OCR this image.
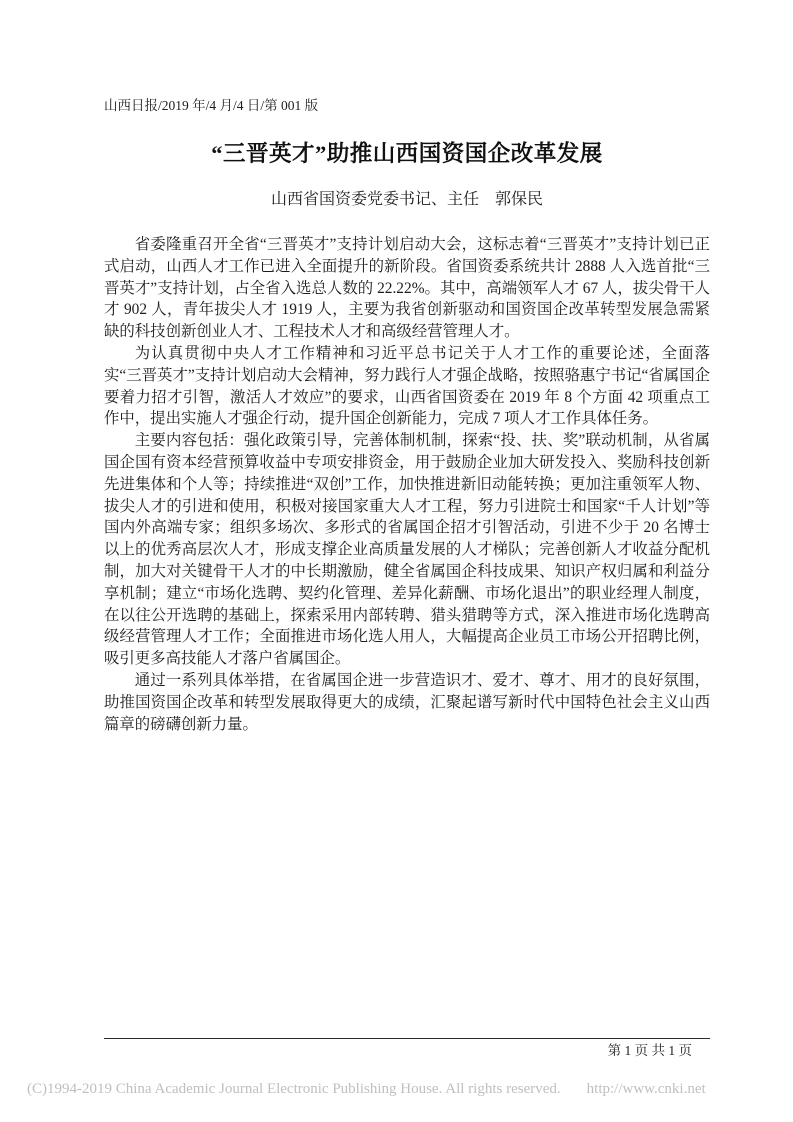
山西日报/2019 年/4 月/4 日/第 001 版
“三晋英才”助推山西国资国企改革发展
山西省国资委党委书记、主任　郭保民

省委隆重召开全省“三晋英才”支持计划启动大会，这标志着“三晋英才”支持计划已正式启动，山西人才工作已进入全面提升的新阶段。省国资委系统共计 2888 人入选首批“三晋英才”支持计划，占全省入选总人数的 22.22%。其中，高端领军人才 67 人，拔尖骨干人才 902 人，青年拔尖人才 1919 人，主要为我省创新驱动和国资国企改革转型发展急需紧缺的科技创新创业人才、工程技术人才和高级经营管理人才。

为认真贯彻中央人才工作精神和习近平总书记关于人才工作的重要论述，全面落实“三晋英才”支持计划启动大会精神，努力践行人才强企战略，按照骆惠宁书记“省属国企要着力招才引智，激活人才效应”的要求，山西省国资委在 2019 年 8 个方面 42 项重点工作中，提出实施人才强企行动，提升国企创新能力，完成 7 项人才工作具体任务。

主要内容包括：强化政策引导，完善体制机制，探索“投、扶、奖”联动机制，从省属国企国有资本经营预算收益中专项安排资金，用于鼓励企业加大研发投入、奖励科技创新先进集体和个人等；持续推进“双创”工作，加快推进新旧动能转换；更加注重领军人物、拔尖人才的引进和使用，积极对接国家重大人才工程，努力引进院士和国家“千人计划”等国内外高端专家；组织多场次、多形式的省属国企招才引智活动，引进不少于 20 名博士以上的优秀高层次人才，形成支撑企业高质量发展的人才梯队；完善创新人才收益分配机制，加大对关键骨干人才的中长期激励，健全省属国企科技成果、知识产权归属和利益分享机制；建立“市场化选聘、契约化管理、差异化薪酬、市场化退出”的职业经理人制度，在以往公开选聘的基础上，探索采用内部转聘、猎头猎聘等方式，深入推进市场化选聘高级经营管理人才工作；全面推进市场化选人用人，大幅提高企业员工市场公开招聘比例，吸引更多高技能人才落户省属国企。

通过一系列具体举措，在省属国企进一步营造识才、爱才、尊才、用才的良好氛围，助推国资国企改革和转型发展取得更大的成绩，汇聚起谱写新时代中国特色社会主义山西篇章的磅礴创新力量。

第 1 页 共 1 页
(C)1994-2019 China Academic Journal Electronic Publishing House. All rights reserved. http://www.cnki.net
